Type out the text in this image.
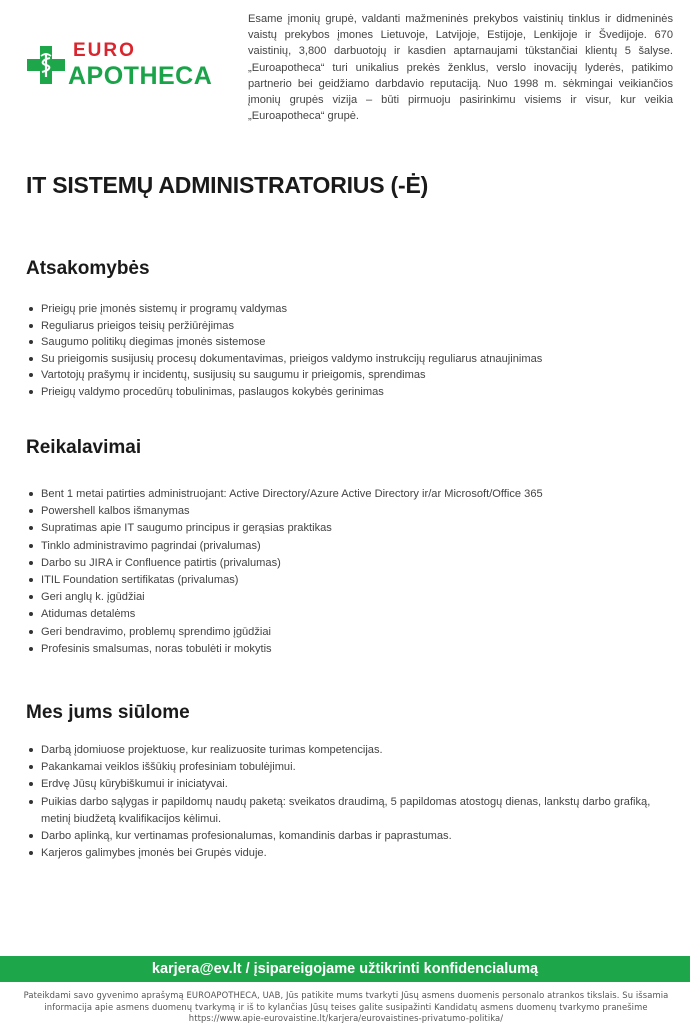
EURO
APOTHECA
Esame įmonių grupė, valdanti mažmeninės prekybos vaistinių tinklus ir didmeninės vaistų prekybos įmones Lietuvoje, Latvijoje, Estijoje, Lenkijoje ir Švedijoje. 670 vaistinių, 3,800 darbuotojų ir kasdien aptarnaujami tūkstančiai klientų 5 šalyse. „Euroapotheca“ turi unikalius prekės ženklus, verslo inovacijų lyderės, patikimo partnerio bei geidžiamo darbdavio reputaciją. Nuo 1998 m. sėkmingai veikiančios įmonių grupės vizija – būti pirmuoju pasirinkimu visiems ir visur, kur veikia „Euroapotheca“ grupė.
IT SISTEMŲ ADMINISTRATORIUS (-Ė)
Atsakomybės
Prieigų prie įmonės sistemų ir programų valdymas
Reguliarus prieigos teisių peržiūrėjimas
Saugumo politikų diegimas įmonės sistemose
Su prieigomis susijusių procesų dokumentavimas, prieigos valdymo instrukcijų reguliarus atnaujinimas
Vartotojų prašymų ir incidentų, susijusių su saugumu ir prieigomis, sprendimas
Prieigų valdymo procedūrų tobulinimas, paslaugos kokybės gerinimas
Reikalavimai
Bent 1 metai patirties administruojant: Active Directory/Azure Active Directory ir/ar Microsoft/Office 365
Powershell kalbos išmanymas
Supratimas apie IT saugumo principus ir gerąsias praktikas
Tinklo administravimo pagrindai (privalumas)
Darbo su JIRA ir Confluence patirtis (privalumas)
ITIL Foundation sertifikatas (privalumas)
Geri anglų k. įgūdžiai
Atidumas detalėms
Geri bendravimo, problemų sprendimo įgūdžiai
Profesinis smalsumas, noras tobulėti ir mokytis
Mes jums siūlome
Darbą įdomiuose projektuose, kur realizuosite turimas kompetencijas.
Pakankamai veiklos iššūkių profesiniam tobulėjimui.
Erdvę Jūsų kūrybiškumui ir iniciatyvai.
Puikias darbo sąlygas ir papildomų naudų paketą: sveikatos draudimą, 5 papildomas atostogų dienas, lankstų darbo grafiką, metinį biudžetą kvalifikacijos kėlimui.
Darbo aplinką, kur vertinamas profesionalumas, komandinis darbas ir paprastumas.
Karjeros galimybes įmonės bei Grupės viduje.
karjera@ev.lt / įsipareigojame užtikrinti konfidencialumą
Pateikdami savo gyvenimo aprašymą EUROAPOTHECA, UAB, Jūs patikite mums tvarkyti Jūsų asmens duomenis personalo atrankos tikslais. Su išsamia informacija apie asmens duomenų tvarkymą ir iš to kylančias Jūsų teises galite susipažinti Kandidatų asmens duomenų tvarkymo pranešime https://www.apie-eurovaistine.lt/karjera/eurovaistines-privatumo-politika/
